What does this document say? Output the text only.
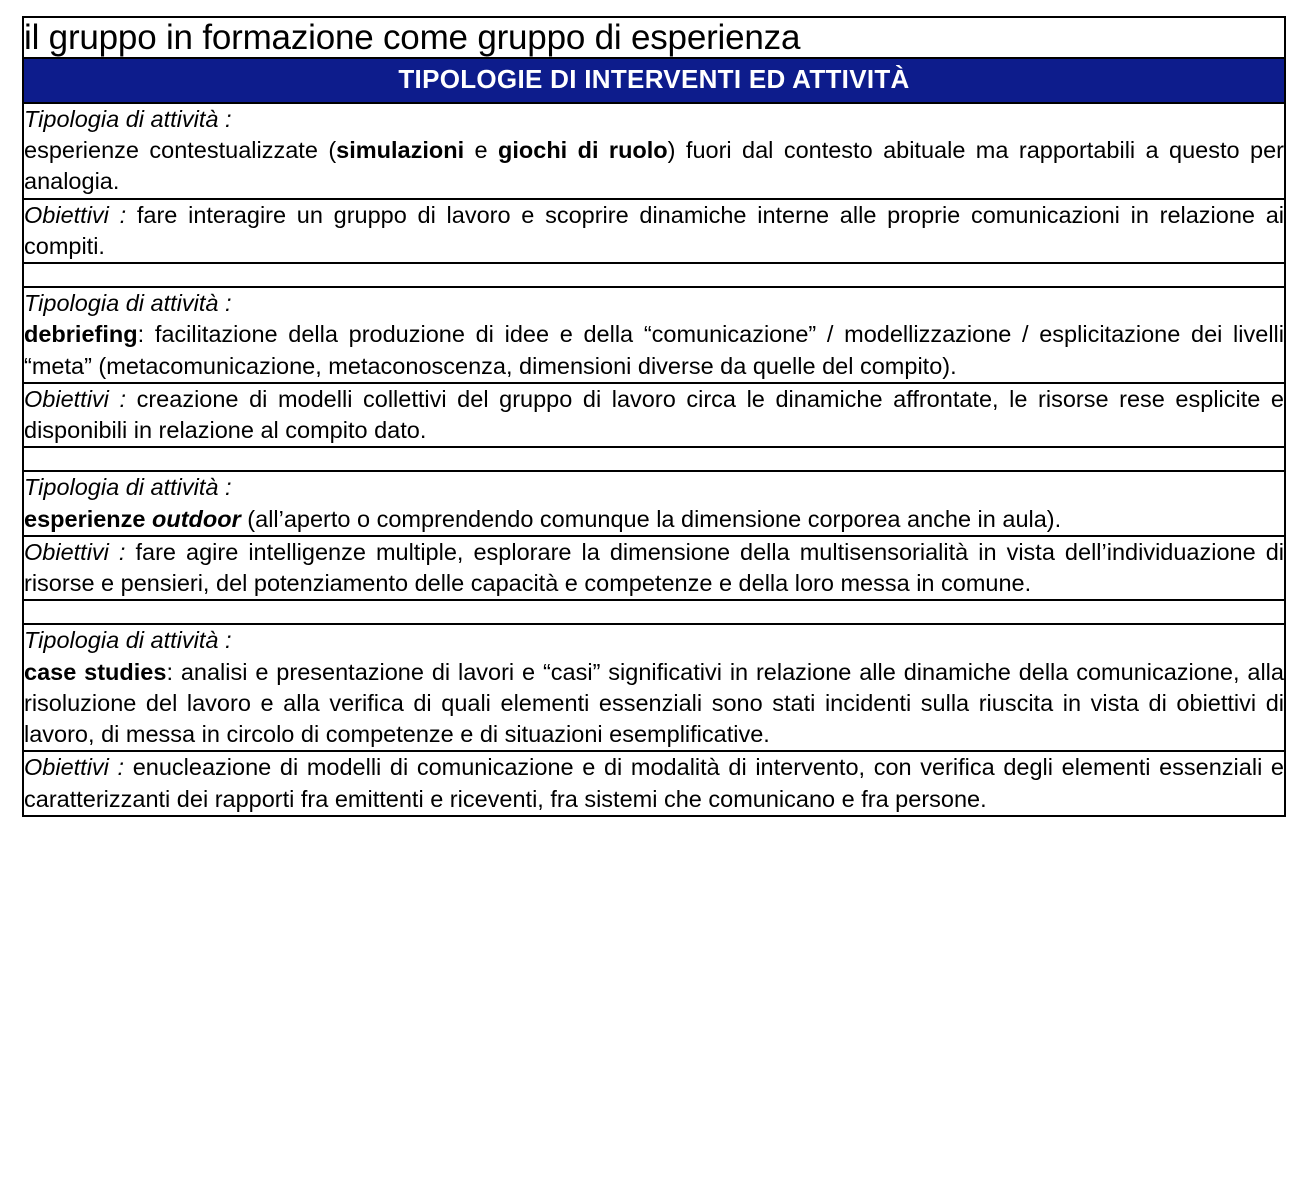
il gruppo in formazione come gruppo di esperienza

TIPOLOGIE DI INTERVENTI ED ATTIVITÀ

Tipologia di attività :

esperienze contestualizzate (simulazioni e giochi di ruolo) fuori dal contesto abituale ma rapportabili a questo per analogia.

Obiettivi : fare interagire un gruppo di lavoro e scoprire dinamiche interne alle proprie comunicazioni in relazione ai compiti.

Tipologia di attività :

debriefing: facilitazione della produzione di idee e della “comunicazione” / modellizzazione / esplicitazione dei livelli “meta” (metacomunicazione, metaconoscenza, dimensioni diverse da quelle del compito).

Obiettivi : creazione di modelli collettivi del gruppo di lavoro circa le dinamiche affrontate, le risorse rese esplicite e disponibili in relazione al compito dato.

Tipologia di attività :

esperienze outdoor (all’aperto o comprendendo comunque la dimensione corporea anche in aula).

Obiettivi : fare agire intelligenze multiple, esplorare la dimensione della multisensorialità in vista dell’individuazione di risorse e pensieri, del potenziamento delle capacità e competenze e della loro messa in comune.

Tipologia di attività :

case studies: analisi e presentazione di lavori e “casi” significativi in relazione alle dinamiche della comunicazione, alla risoluzione del lavoro e alla verifica di quali elementi essenziali sono stati incidenti sulla riuscita in vista di obiettivi di lavoro, di messa in circolo di competenze e di situazioni esemplificative.

Obiettivi : enucleazione di modelli di comunicazione e di modalità di intervento, con verifica degli elementi essenziali e caratterizzanti dei rapporti fra emittenti e riceventi, fra sistemi che comunicano e fra persone.
